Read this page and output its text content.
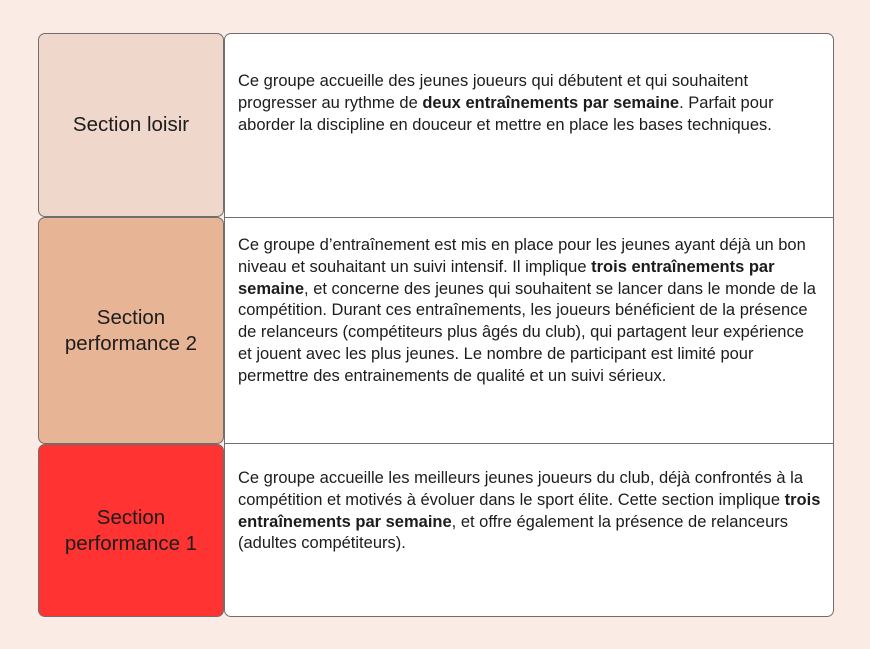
Section loisir
Section performance 2
Section performance 1
Ce groupe accueille des jeunes joueurs qui débutent et qui souhaitent progresser au rythme de deux entraînements par semaine. Parfait pour aborder la discipline en douceur et mettre en place les bases techniques.
Ce groupe d’entraînement est mis en place pour les jeunes ayant déjà un bon niveau et souhaitant un suivi intensif. Il implique trois entraînements par semaine, et concerne des jeunes qui souhaitent se lancer dans le monde de la compétition. Durant ces entraînements, les joueurs bénéficient de la présence de relanceurs (compétiteurs plus âgés du club), qui partagent leur expérience et jouent avec les plus jeunes. Le nombre de participant est limité pour permettre des entrainements de qualité et un suivi sérieux.
Ce groupe accueille les meilleurs jeunes joueurs du club, déjà confrontés à la compétition et motivés à évoluer dans le sport élite. Cette section implique trois entraînements par semaine, et offre également la présence de relanceurs (adultes compétiteurs).
